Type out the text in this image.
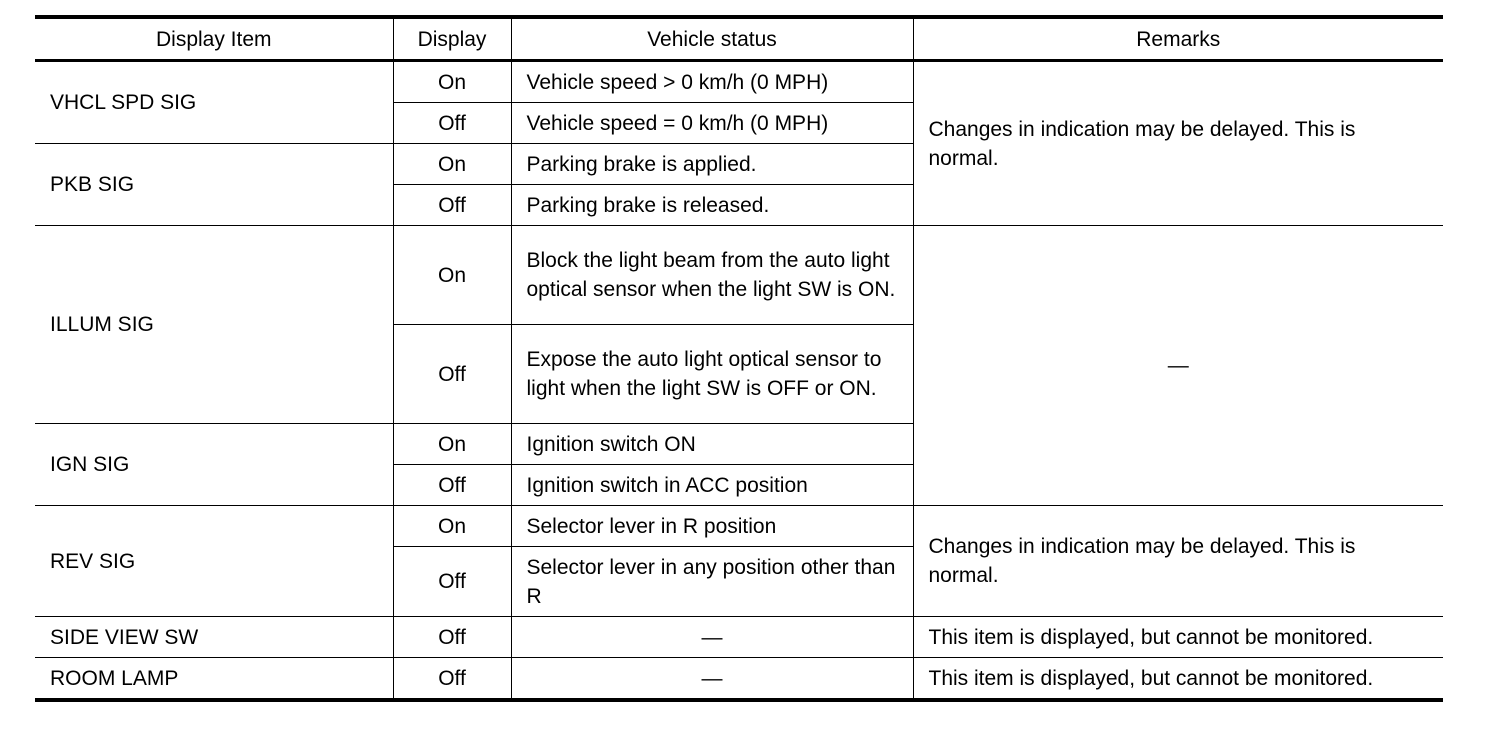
Display Item	Display	Vehicle status	Remarks
VHCL SPD SIG	On	Vehicle speed > 0 km/h (0 MPH)	Changes in indication may be delayed. This is normal.
	Off	Vehicle speed = 0 km/h (0 MPH)	
PKB SIG	On	Parking brake is applied.	
	Off	Parking brake is released.	
ILLUM SIG	On	Block the light beam from the auto light optical sensor when the light SW is ON.	—
	Off	Expose the auto light optical sensor to light when the light SW is OFF or ON.	
IGN SIG	On	Ignition switch ON	
	Off	Ignition switch in ACC position	
REV SIG	On	Selector lever in R position	Changes in indication may be delayed. This is normal.
	Off	Selector lever in any position other than R	
SIDE VIEW SW	Off	—	This item is displayed, but cannot be monitored.
ROOM LAMP	Off	—	This item is displayed, but cannot be monitored.
